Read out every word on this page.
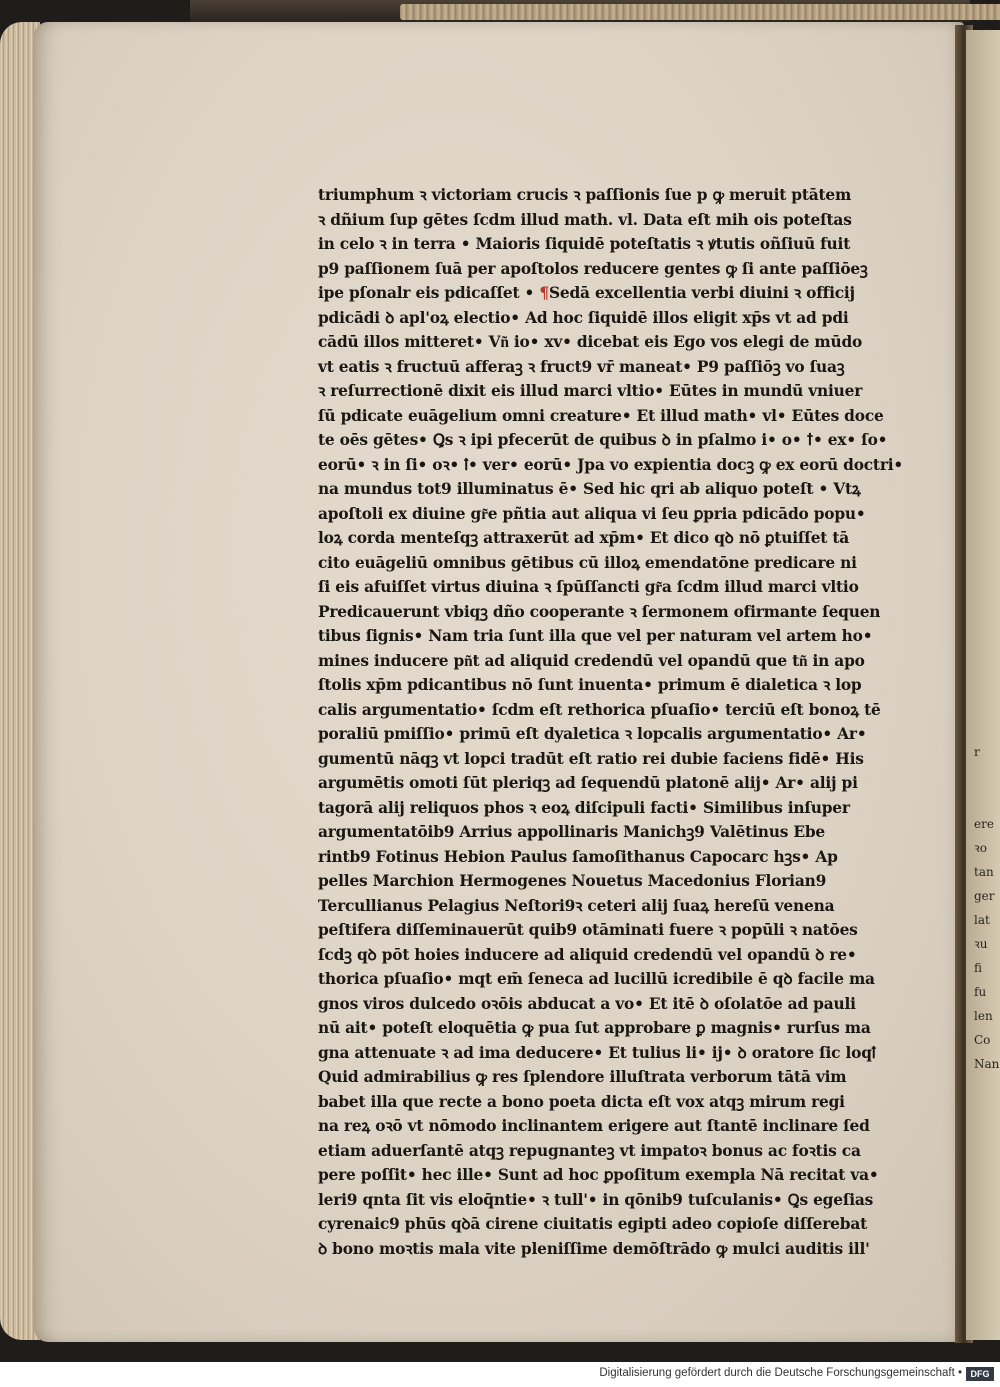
triumphum ꝛ victoriam crucis ꝛ paſſionis ſue p ꝙ meruit ptātem
ꝛ dñium ſup gētes ſcdm illud math. vl. Data eſt mih ois poteſtas
in celo ꝛ in terra • Maioris ſiquidē poteſtatis ꝛ ꝟtutis oñſiuū fuit
p9 paſſionem ſuā per apoſtolos reducere gentes ꝙ ſi ante paſſiōeꝫ
ipe pſonalr eis pdicaſſet • ¶Sedā excellentia verbi diuini ꝛ officij
pdicādi ꝺ apl'oꝝ electio• Ad hoc ſiquidē illos eligit xp̄s vt ad pdi
cādū illos mitteret• Vn͂ io• xv• dicebat eis Ego vos elegi de mūdo
vt eatis ꝛ fructuū afferaꝫ ꝛ fruct9 vr̄ maneat• P9 paſſiōꝫ vo ſuaꝫ
ꝛ reſurrectionē dixit eis illud marci vltio• Eūtes in mundū vniuer
ſū pdicate euāgelium omni creature• Et illud math• vl• Eūtes doce
te oēs gētes• Ꝗs ꝛ ipi pfecerūt de quibus ꝺ in pſalmo i• o• ꝉ• ex• ſo•
eorū• ꝛ in ſi• oꝛ• ꝉ• ver• eorū• Jpa vo expientia docꝫ ꝙ ex eorū doctri•
na mundus tot9 illuminatus ē• Sed hic qri ab aliquo poteſt • Vtꝝ
apoſtoli ex diuine gr͂e pñtia aut aliqua vi ſeu ꝑpria pdicādo popu•
loꝝ corda menteſqꝫ attraxerūt ad xp̄m• Et dico qꝺ nō ꝑtuiſſet tā
cito euāgeliū omnibus gētibus cū illoꝝ emendatōne predicare ni
ſi eis afuiſſet virtus diuina ꝛ ſpūſſancti gr͂a ſcdm illud marci vltio
Predicauerunt vbiqꝫ dño cooperante ꝛ ſermonem ofirmante ſequen
tibus ſignis• Nam tria ſunt illa que vel per naturam vel artem ho•
mines inducere pn͂t ad aliquid credendū vel opandū que tn͂ in apo
ſtolis xp̄m pdicantibus nō ſunt inuenta• primum ē dialetica ꝛ lop
calis argumentatio• ſcdm eſt rethorica pſuaſio• terciū eſt bonoꝝ tē
poraliū pmiſſio• primū eſt dyaletica ꝛ lopcalis argumentatio• Ar•
gumentū nāqꝫ vt lopci tradūt eſt ratio rei dubie faciens fidē• His
argumētis omoti ſūt pleriqꝫ ad ſequendū platonē alij• Ar• alij pi
tagorā alij reliquos phos ꝛ eoꝝ diſcipuli facti• Similibus inſuper
argumentatōib9 Arrius appollinaris Manichꝫ9 Valētinus Ebe
rintb9 Fotinus Hebion Paulus ſamoſithanus Capocarc hꝫs• Ap
pelles Marchion Hermogenes Nouetus Macedonius Florian9
Tercullianus Pelagius Neſtori9ꝛ ceteri alij ſuaꝝ hereſū venena
peſtifera diſſeminauerūt quib9 otāminati fuere ꝛ popūli ꝛ natōes
ſcdꝫ qꝺ pōt hoies inducere ad aliquid credendū vel opandū ꝺ re•
thorica pſuaſio• mqt em̄ ſeneca ad lucillū icredibile ē qꝺ facile ma
gnos viros dulcedo oꝛōis abducat a vo• Et itē ꝺ oſolatōe ad pauli
nū ait• poteſt eloquētia ꝙ pua ſut approbare ꝑ magnis• rurſus ma
gna attenuate ꝛ ad ima deducere• Et tulius li• ij• ꝺ oratore ſic loqꝉ
Quid admirabilius ꝙ res ſplendore illuſtrata verborum tātā vim
babet illa que recte a bono poeta dicta eſt vox atqꝫ mirum regi
na reꝝ oꝛō vt nōmodo inclinantem erigere aut ſtantē inclinare ſed
etiam aduerſantē atqꝫ repugnanteꝫ vt impatoꝛ bonus ac foꝛtis ca
pere poſſit• hec ille• Sunt ad hoc ꝑpoſitum exempla Nā recitat va•
leri9 qnta ſit vis eloq̄ntie• ꝛ tull'• in qōnib9 tuſculanis• Ꝗs egeſias
cyrenaic9 phūs qꝺā cirene ciuitatis egipti adeo copioſe diſſerebat
ꝺ bono moꝛtis mala vite pleniſſime demōſtrādo ꝙ mulci auditis ill'
r
ere
ꝛo
tan
ger
lat
ꝛu
fi
fu
len
Co
Nan
Digitalisierung gefördert durch die Deutsche Forschungsgemeinschaft • DFG
